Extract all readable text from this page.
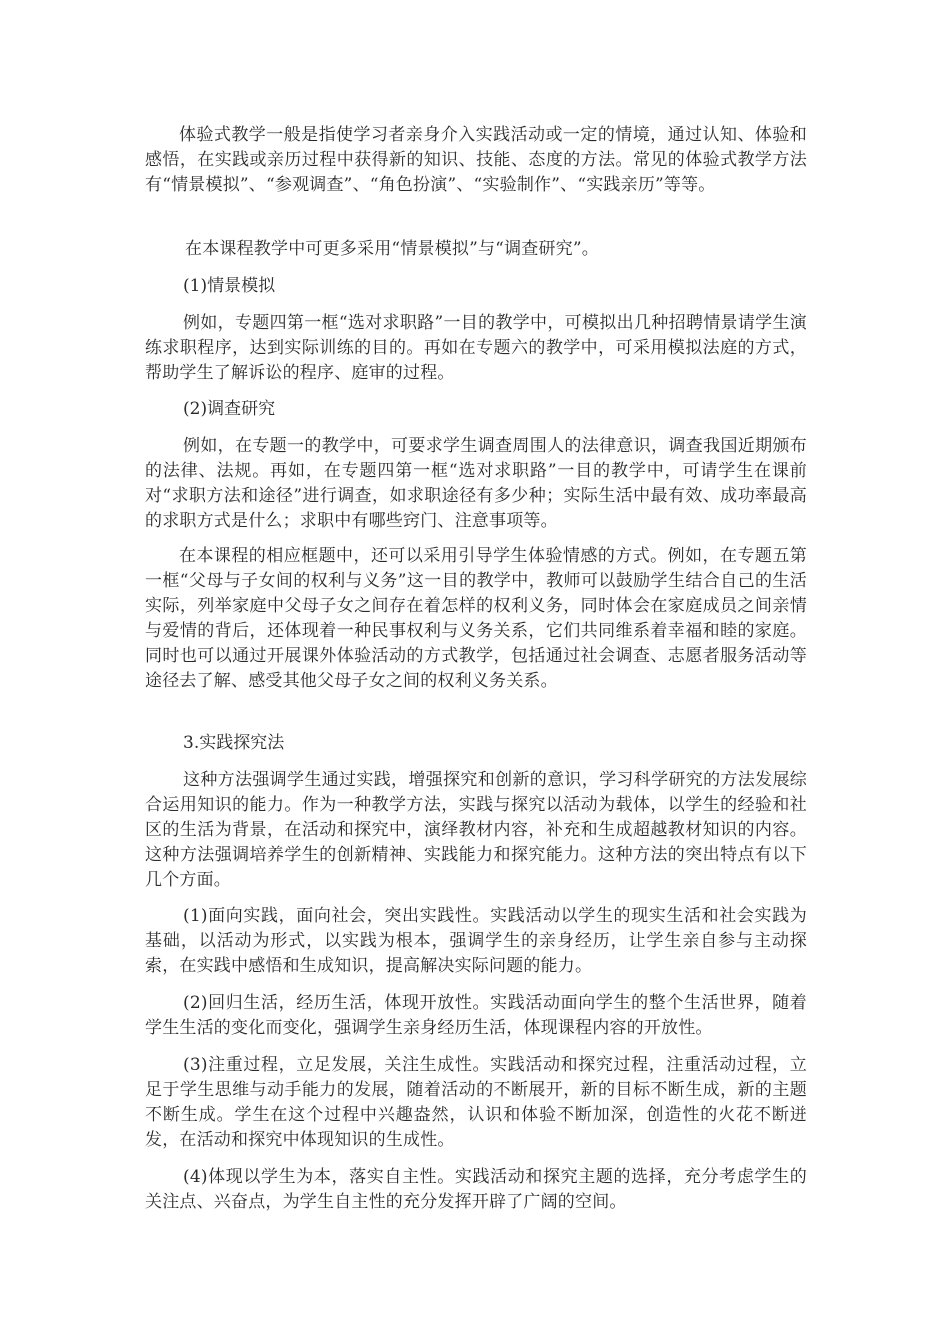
体验式教学一般是指使学习者亲身介入实践活动或一定的情境，通过认知、体验和感悟，在实践或亲历过程中获得新的知识、技能、态度的方法。常见的体验式教学方法有“情景模拟”、“参观调查”、“角色扮演”、“实验制作”、“实践亲历”等等。

在本课程教学中可更多采用“情景模拟”与“调查研究”。

(1)情景模拟

例如，专题四第一框“选对求职路”一目的教学中，可模拟出几种招聘情景请学生演练求职程序，达到实际训练的目的。再如在专题六的教学中，可采用模拟法庭的方式，帮助学生了解诉讼的程序、庭审的过程。

(2)调查研究

例如，在专题一的教学中，可要求学生调查周围人的法律意识，调查我国近期颁布的法律、法规。再如，在专题四第一框“选对求职路”一目的教学中，可请学生在课前对“求职方法和途径”进行调查，如求职途径有多少种；实际生活中最有效、成功率最高的求职方式是什么；求职中有哪些窍门、注意事项等。

在本课程的相应框题中，还可以采用引导学生体验情感的方式。例如，在专题五第一框“父母与子女间的权利与义务”这一目的教学中，教师可以鼓励学生结合自己的生活实际，列举家庭中父母子女之间存在着怎样的权利义务，同时体会在家庭成员之间亲情与爱情的背后，还体现着一种民事权利与义务关系，它们共同维系着幸福和睦的家庭。同时也可以通过开展课外体验活动的方式教学，包括通过社会调查、志愿者服务活动等途径去了解、感受其他父母子女之间的权利义务关系。

3.实践探究法

这种方法强调学生通过实践，增强探究和创新的意识，学习科学研究的方法发展综合运用知识的能力。作为一种教学方法，实践与探究以活动为载体，以学生的经验和社区的生活为背景，在活动和探究中，演绎教材内容，补充和生成超越教材知识的内容。这种方法强调培养学生的创新精神、实践能力和探究能力。这种方法的突出特点有以下几个方面。

(1)面向实践，面向社会，突出实践性。实践活动以学生的现实生活和社会实践为基础，以活动为形式，以实践为根本，强调学生的亲身经历，让学生亲自参与主动探索，在实践中感悟和生成知识，提高解决实际问题的能力。

(2)回归生活，经历生活，体现开放性。实践活动面向学生的整个生活世界，随着学生生活的变化而变化，强调学生亲身经历生活，体现课程内容的开放性。

(3)注重过程，立足发展，关注生成性。实践活动和探究过程，注重活动过程，立足于学生思维与动手能力的发展，随着活动的不断展开，新的目标不断生成，新的主题不断生成。学生在这个过程中兴趣盎然，认识和体验不断加深，创造性的火花不断迸发，在活动和探究中体现知识的生成性。

(4)体现以学生为本，落实自主性。实践活动和探究主题的选择，充分考虑学生的关注点、兴奋点，为学生自主性的充分发挥开辟了广阔的空间。
